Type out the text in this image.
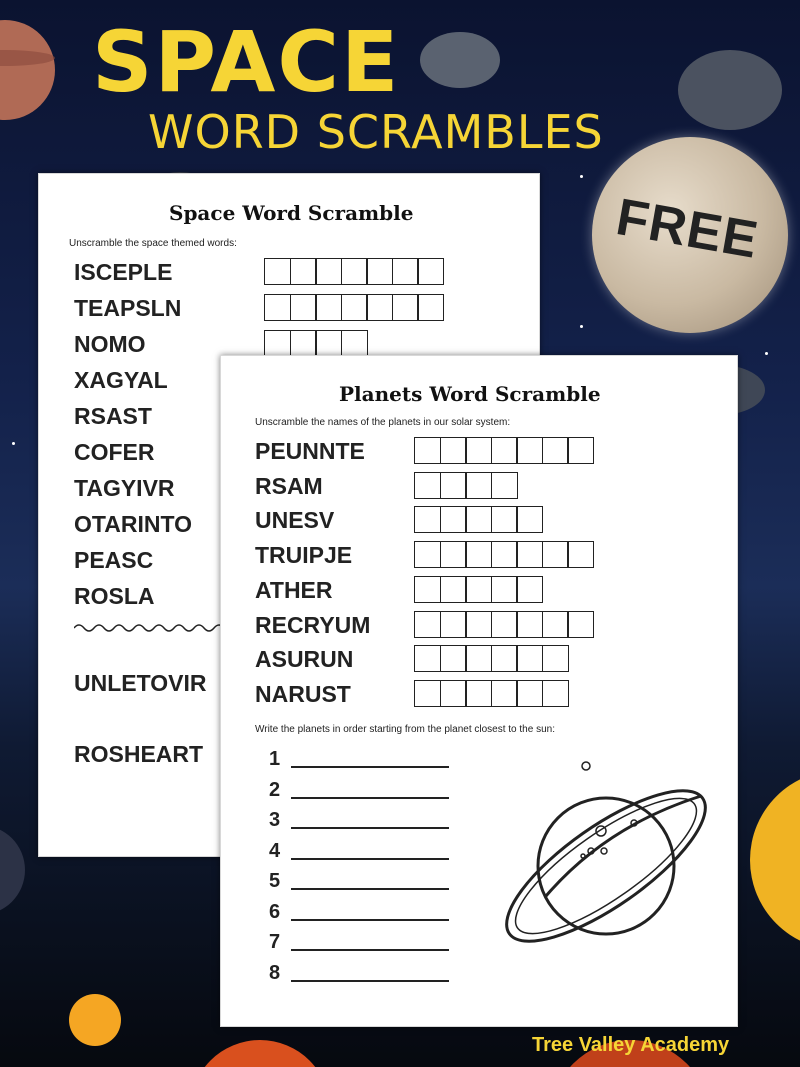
SPACE
WORD SCRAMBLES
FREE
Space Word Scramble
Unscramble the space themed words:
UNLETOVIR
ROSHEART
ISCEPLE
TEAPSLN
NOMO
XAGYAL
RSAST
COFER
TAGYIVR
OTARINTO
PEASC
ROSLA
Planets Word Scramble
Unscramble the names of the planets in our solar system:
Write the planets in order starting from the planet closest to the sun:
PEUNNTE
RSAM
UNESV
TRUIPJE
ATHER
RECRYUM
ASURUN
NARUST
1
2
3
4
5
6
7
8
Tree Valley Academy
